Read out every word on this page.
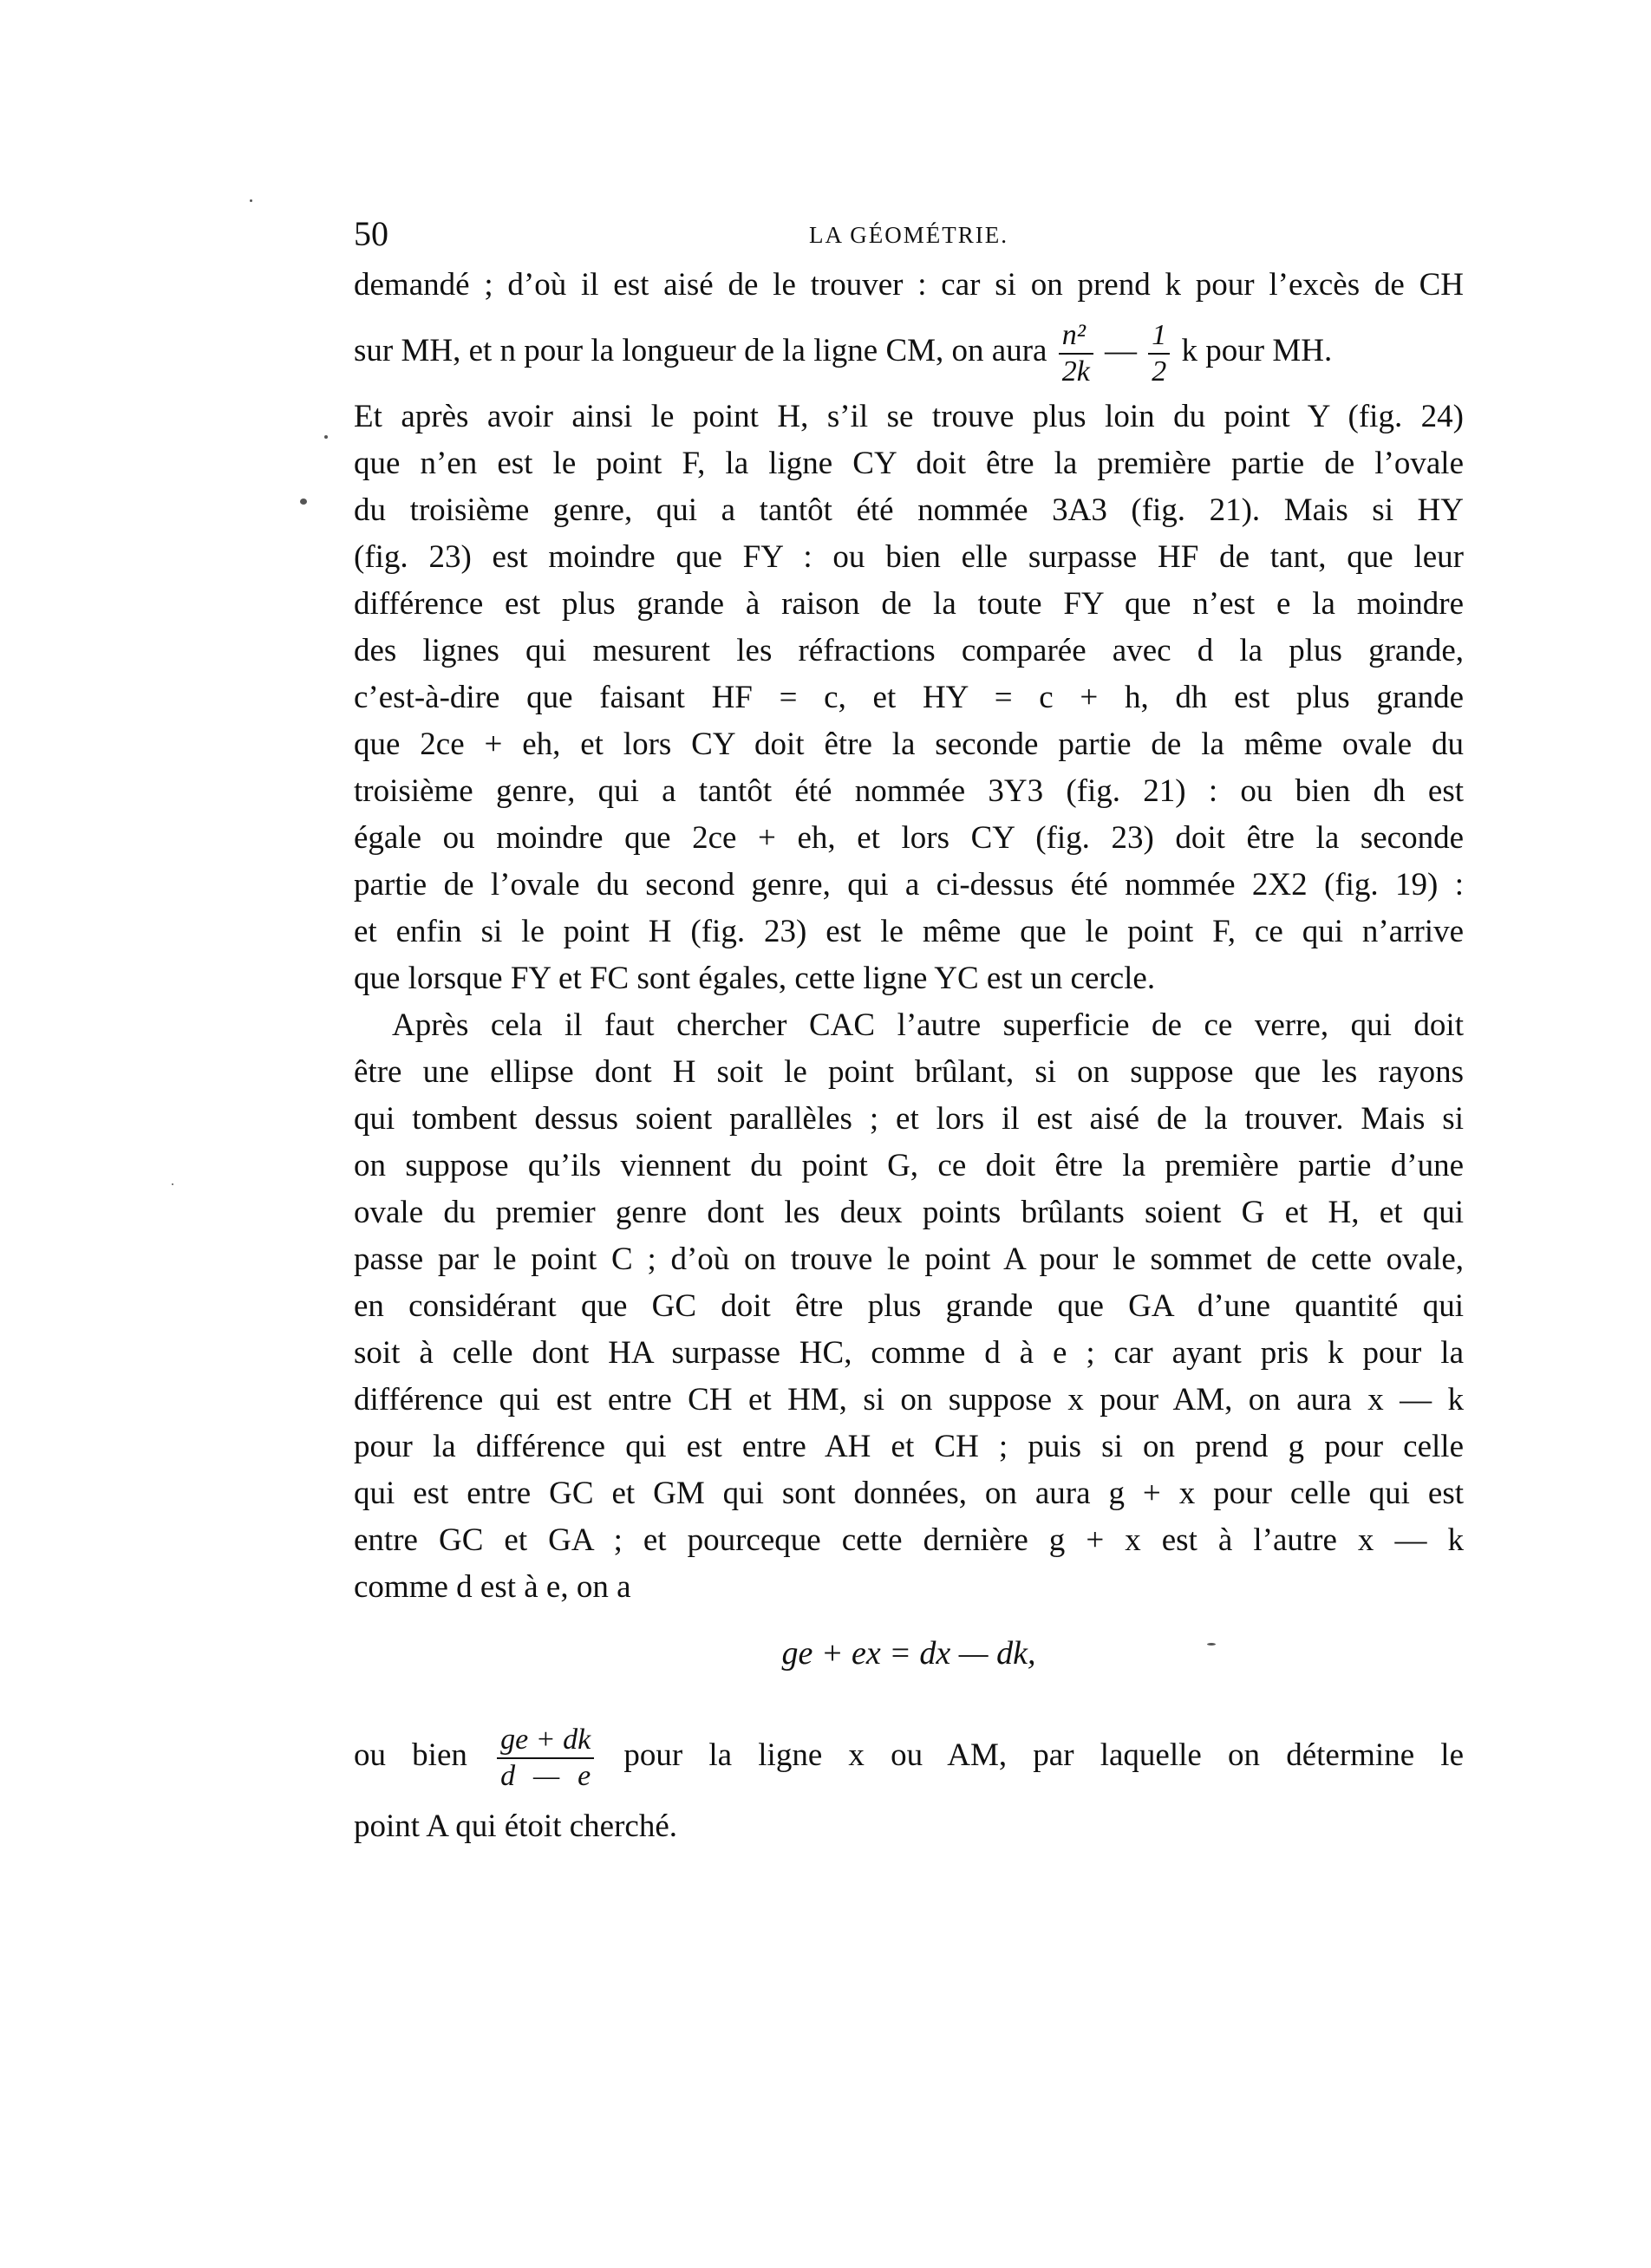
50	LA GÉOMÉTRIE.
demandé ; d’où il est aisé de le trouver : car si on prend k pour l’excès de CH
sur MH, et n pour la longueur de la ligne CM, on aura $\frac{\text{n²}}{2k}$ — $\frac{1}{2}$ k pour MH.
Et après avoir ainsi le point H, s’il se trouve plus loin du point Y (fig. 24)
que n’en est le point F, la ligne CY doit être la première partie de l’ovale
du troisième genre, qui a tantôt été nommée 3A3 (fig. 21). Mais si HY
(fig. 23) est moindre que FY : ou bien elle surpasse HF de tant, que leur
différence est plus grande à raison de la toute FY que n’est e la moindre
des lignes qui mesurent les réfractions comparée avec d la plus grande,
c’est-à-dire que faisant HF = c, et HY = c + h, dh est plus grande
que 2ce + eh, et lors CY doit être la seconde partie de la même ovale du
troisième genre, qui a tantôt été nommée 3Y3 (fig. 21) : ou bien dh est
égale ou moindre que 2ce + eh, et lors CY (fig. 23) doit être la seconde
partie de l’ovale du second genre, qui a ci-dessus été nommée 2X2 (fig. 19) :
et enfin si le point H (fig. 23) est le même que le point F, ce qui n’arrive
que lorsque FY et FC sont égales, cette ligne YC est un cercle.
Après cela il faut chercher CAC l’autre superficie de ce verre, qui doit
être une ellipse dont H soit le point brûlant, si on suppose que les rayons
qui tombent dessus soient parallèles ; et lors il est aisé de la trouver. Mais si
on suppose qu’ils viennent du point G, ce doit être la première partie d’une
ovale du premier genre dont les deux points brûlants soient G et H, et qui
passe par le point C ; d’où on trouve le point A pour le sommet de cette ovale,
en considérant que GC doit être plus grande que GA d’une quantité qui
soit à celle dont HA surpasse HC, comme d à e ; car ayant pris k pour la
différence qui est entre CH et HM, si on suppose x pour AM, on aura x — k
pour la différence qui est entre AH et CH ; puis si on prend g pour celle
qui est entre GC et GM qui sont données, on aura g + x pour celle qui est
entre GC et GA ; et pourceque cette dernière g + x est à l’autre x — k
comme d est à e, on a
ge + ex = dx — dk,
ou bien $\frac{ge + dk}{d — e}$ pour la ligne x ou AM, par laquelle on détermine le
point A qui étoit cherché.
